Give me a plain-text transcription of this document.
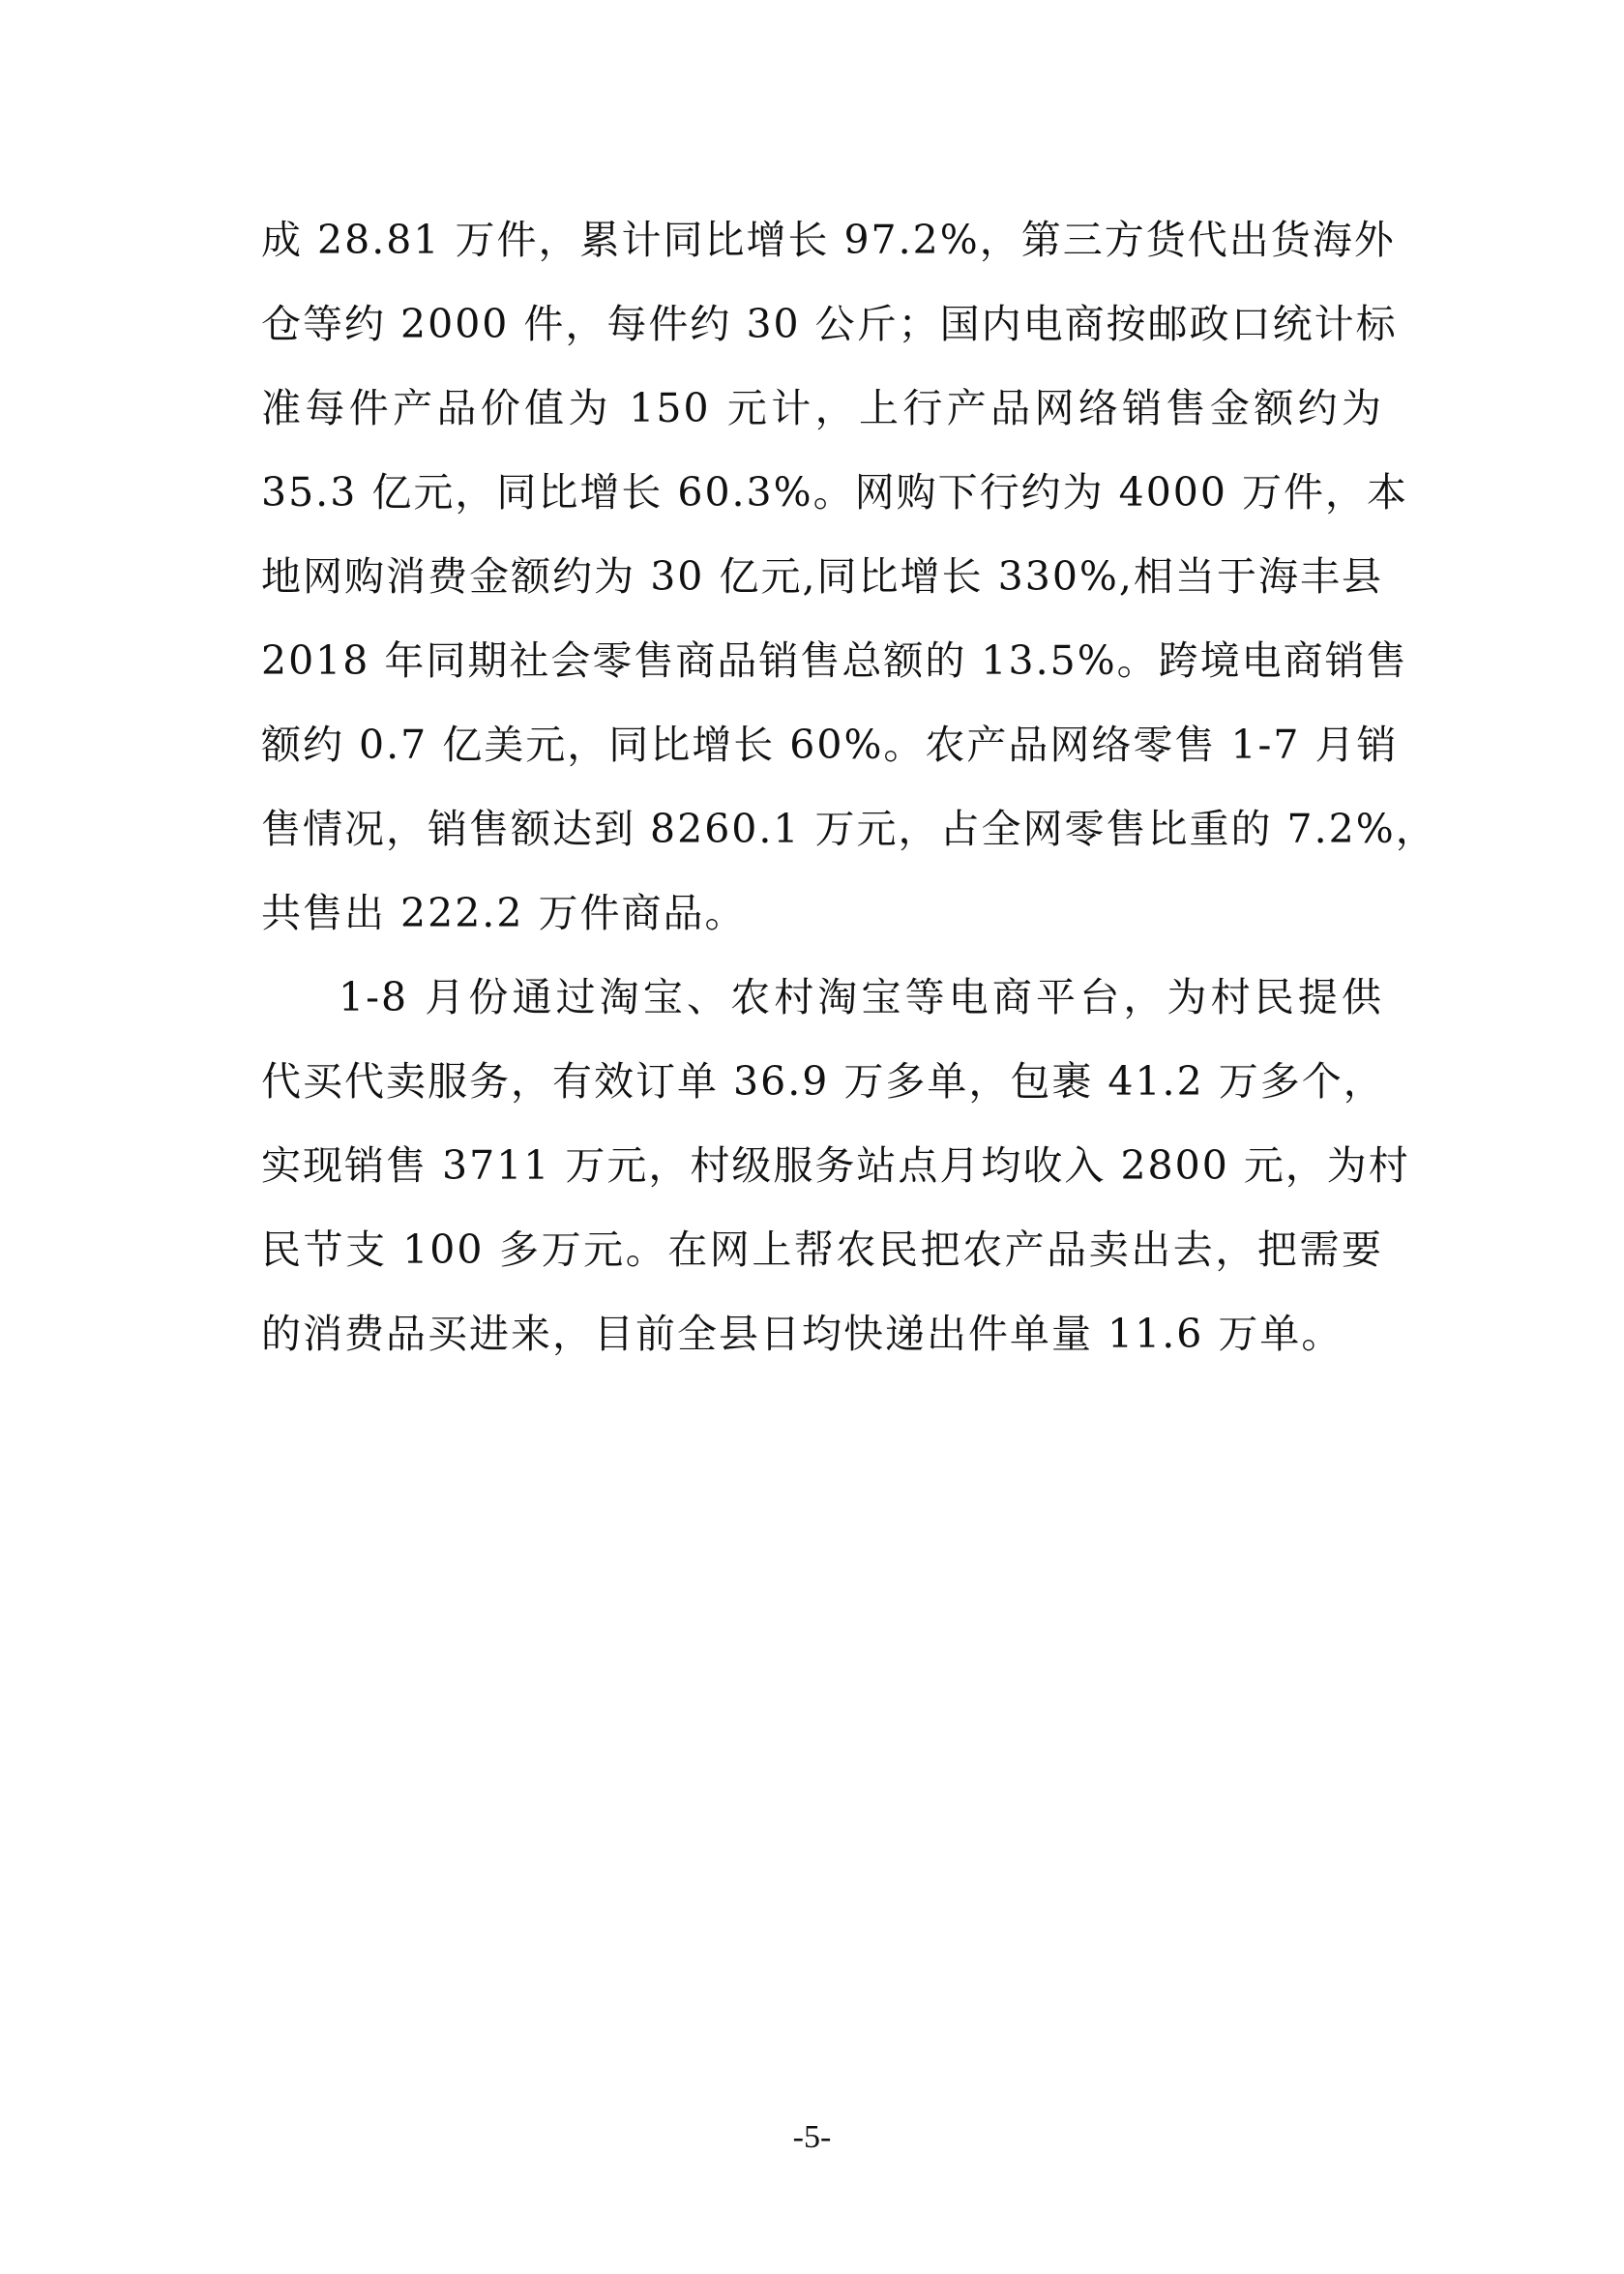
成 28.81 万件，累计同比增长 97.2%，第三方货代出货海外
仓等约 2000 件，每件约 30 公斤；国内电商按邮政口统计标
准每件产品价值为 150 元计，上行产品网络销售金额约为
35.3 亿元，同比增长 60.3%。网购下行约为 4000 万件，本
地网购消费金额约为 30 亿元,同比增长 330%,相当于海丰县
2018 年同期社会零售商品销售总额的 13.5%。跨境电商销售
额约 0.7 亿美元，同比增长 60%。农产品网络零售 1-7 月销
售情况，销售额达到 8260.1 万元，占全网零售比重的 7.2%，
共售出 222.2 万件商品。
1-8 月份通过淘宝、农村淘宝等电商平台，为村民提供
代买代卖服务，有效订单 36.9 万多单，包裹 41.2 万多个，
实现销售 3711 万元，村级服务站点月均收入 2800 元，为村
民节支 100 多万元。在网上帮农民把农产品卖出去，把需要
的消费品买进来，目前全县日均快递出件单量 11.6 万单。
-5-
